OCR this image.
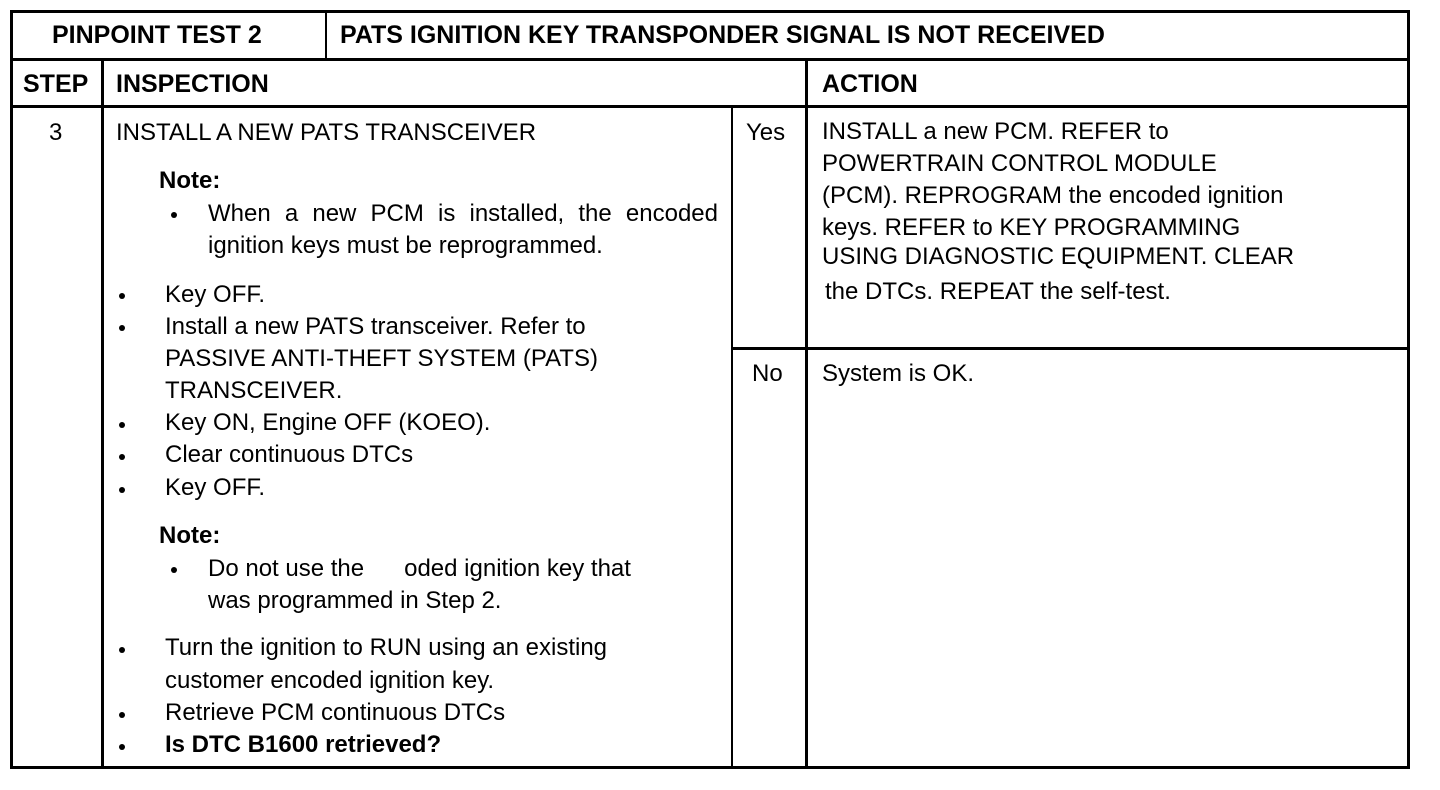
PINPOINT TEST 2	PATS IGNITION KEY TRANSPONDER SIGNAL IS NOT RECEIVED
STEP INSPECTION	ACTION
3 INSTALL A NEW PATS TRANSCEIVER
Note:
When a new PCM is installed, the encoded
ignition keys must be reprogrammed.
Key OFF.
Install a new PATS transceiver. Refer to
PASSIVE ANTI-THEFT SYSTEM (PATS)
TRANSCEIVER.
Key ON, Engine OFF (KOEO).
Clear continuous DTCs
Key OFF.
Note:
Do not use the      oded ignition key that
was programmed in Step 2.
Turn the ignition to RUN using an existing
customer encoded ignition key.
Retrieve PCM continuous DTCs
Is DTC B1600 retrieved?
Yes
No
INSTALL a new PCM. REFER to
POWERTRAIN CONTROL MODULE
(PCM). REPROGRAM the encoded ignition
keys. REFER to KEY PROGRAMMING
USING DIAGNOSTIC EQUIPMENT. CLEAR
the DTCs. REPEAT the self-test.
System is OK.
